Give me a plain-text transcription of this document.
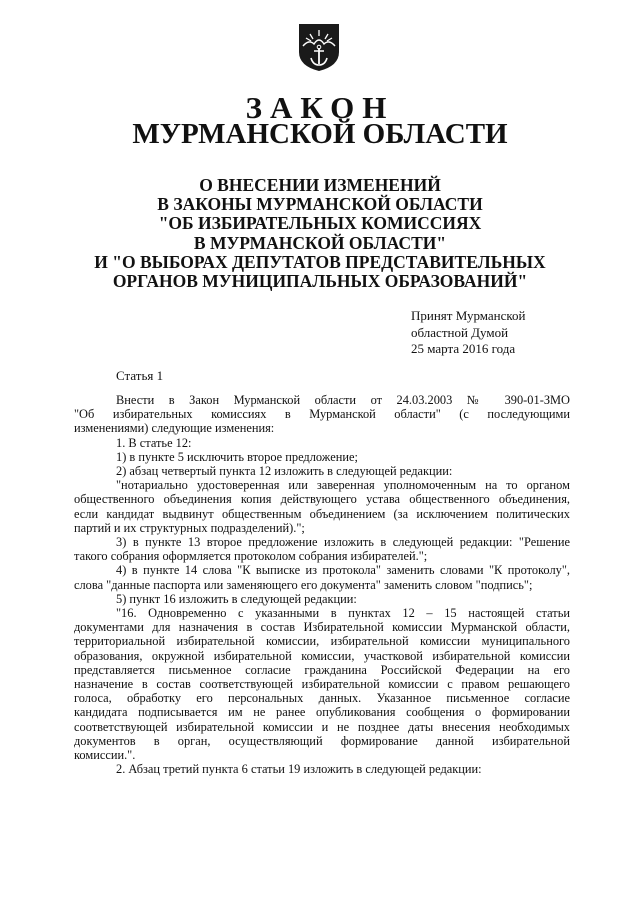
ЗАКОН
МУРМАНСКОЙ ОБЛАСТИ
О ВНЕСЕНИИ ИЗМЕНЕНИЙ
В ЗАКОНЫ МУРМАНСКОЙ ОБЛАСТИ
"ОБ ИЗБИРАТЕЛЬНЫХ КОМИССИЯХ
В МУРМАНСКОЙ ОБЛАСТИ"
И "О ВЫБОРАХ ДЕПУТАТОВ ПРЕДСТАВИТЕЛЬНЫХ
ОРГАНОВ МУНИЦИПАЛЬНЫХ ОБРАЗОВАНИЙ"
Принят Мурманской
областной Думой
25 марта 2016 года
Статья 1

Внести в Закон Мурманской области от 24.03.2003 № 390-01-ЗМО

"Об избирательных комиссиях в Мурманской области" (с последующими

изменениями) следующие изменения:

1. В статье 12:

1) в пункте 5 исключить второе предложение;

2) абзац четвертый пункта 12 изложить в следующей редакции:

"нотариально удостоверенная или заверенная уполномоченным на то органом

общественного объединения копия действующего устава общественного объединения,

если кандидат выдвинут общественным объединением (за исключением политических

партий и их структурных подразделений).";

3) в пункте 13 второе предложение изложить в следующей редакции: "Решение

такого собрания оформляется протоколом собрания избирателей.";

4) в пункте 14 слова "К выписке из протокола" заменить словами "К протоколу",

слова "данные паспорта или заменяющего его документа" заменить словом "подпись";

5) пункт 16 изложить в следующей редакции:

"16. Одновременно с указанными в пунктах 12 – 15 настоящей статьи

документами для назначения в состав Избирательной комиссии Мурманской области,

территориальной избирательной комиссии, избирательной комиссии муниципального

образования, окружной избирательной комиссии, участковой избирательной комиссии

представляется письменное согласие гражданина Российской Федерации на его

назначение в состав соответствующей избирательной комиссии с правом решающего

голоса, обработку его персональных данных. Указанное письменное согласие

кандидата подписывается им не ранее опубликования сообщения о формировании

соответствующей избирательной комиссии и не позднее даты внесения необходимых

документов в орган, осуществляющий формирование данной избирательной

комиссии.".

2. Абзац третий пункта 6 статьи 19 изложить в следующей редакции:
